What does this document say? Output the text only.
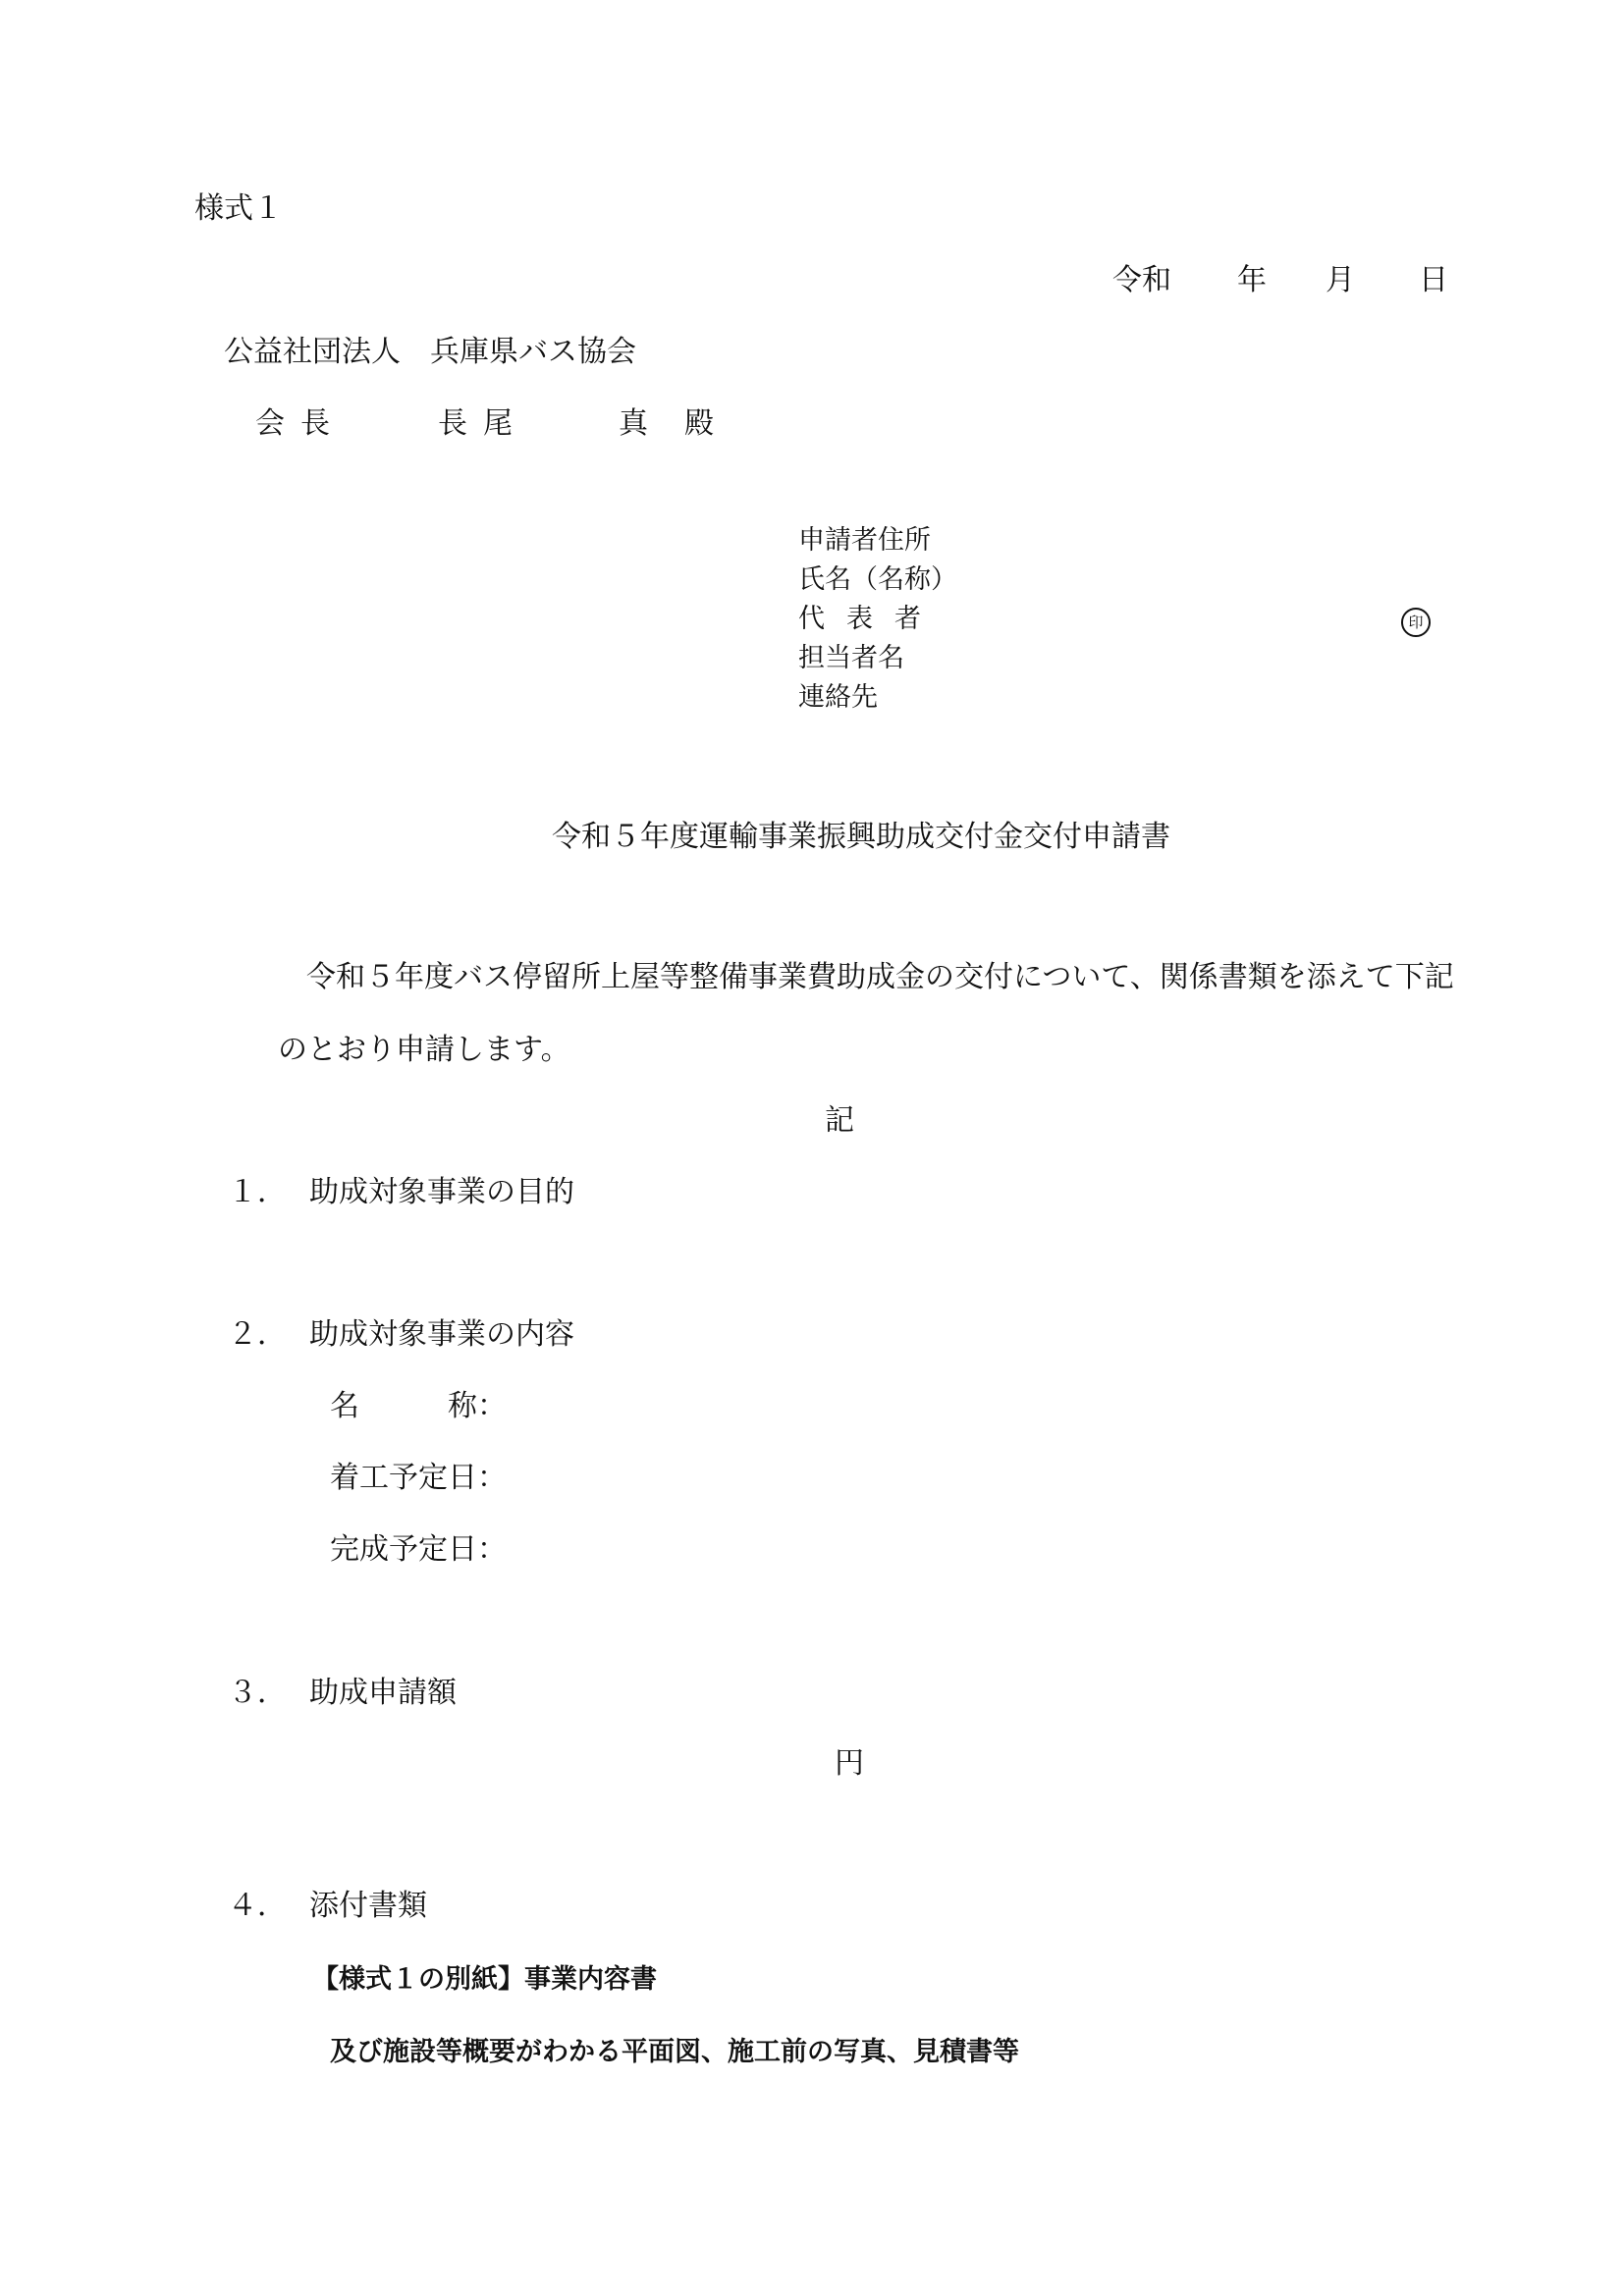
様式１
令和 年 月 日
公益社団法人　兵庫県バス協会
会長	長尾　　真 殿
申請者住所
氏名（名称）
代表者	印
担当者名
連絡先
令和５年度運輸事業振興助成交付金交付申請書
令和５年度バス停留所上屋等整備事業費助成金の交付について、関係書類を添えて下記
のとおり申請します。
記
１． 助成対象事業の目的
２． 助成対象事業の内容
名　　　称：
着工予定日：
完成予定日：
３． 助成申請額
円
４． 添付書類
【様式１の別紙】事業内容書
及び施設等概要がわかる平面図、施工前の写真、見積書等
